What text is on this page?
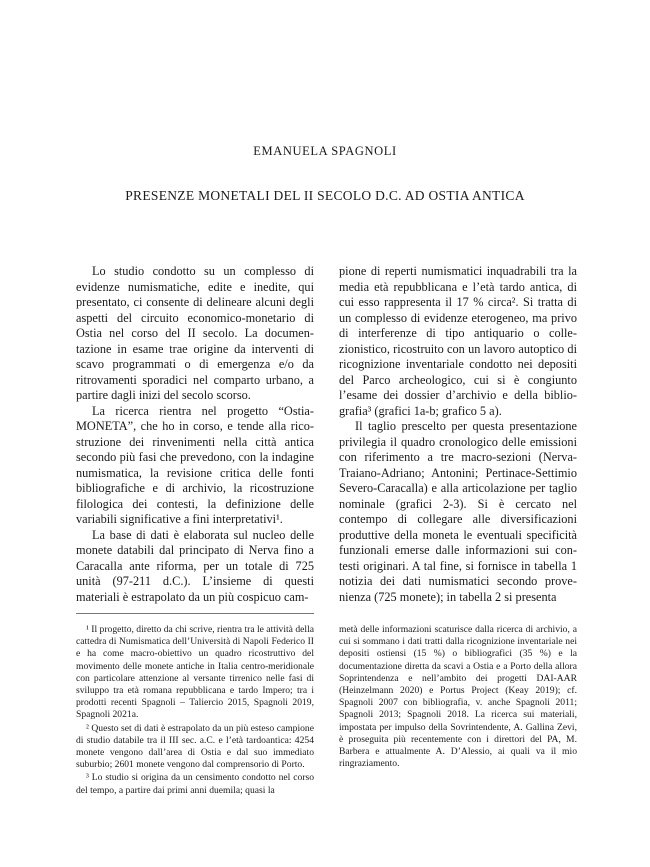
EMANUELA SPAGNOLI
PRESENZE MONETALI DEL II SECOLO D.C. AD OSTIA ANTICA

Lo studio condotto su un complesso di evidenze numismatiche, edite e inedite, qui presentato, ci consente di delineare alcuni degli aspetti del circuito economico-monetario di Ostia nel corso del II secolo. La documentazione in esame trae origine da interventi di scavo programmati o di emergenza e/o da ritrovamenti sporadici nel comparto urbano, a partire dagli inizi del secolo scorso.

La ricerca rientra nel progetto “Ostia-MONETA”, che ho in corso, e tende alla ricostruzione dei rinvenimenti nella città antica secondo più fasi che prevedono, con la indagine numismatica, la revisione critica delle fonti bibliografiche e di archivio, la ricostruzione filologica dei contesti, la definizione delle variabili significative a fini interpretativi¹.

La base di dati è elaborata sul nucleo delle monete databili dal principato di Nerva fino a Caracalla ante riforma, per un totale di 725 unità (97-211 d.C.). L’insieme di questi materiali è estrapolato da un più cospicuo cam-

pione di reperti numismatici inquadrabili tra la media età repubblicana e l’età tardo antica, di cui esso rappresenta il 17 % circa². Si tratta di un complesso di evidenze eterogeneo, ma privo di interferenze di tipo antiquario o collezionistico, ricostruito con un lavoro autoptico di ricognizione inventariale condotto nei depositi del Parco archeologico, cui si è congiunto l’esame dei dossier d’archivio e della bibliografia³ (grafici 1a-b; grafico 5 a).

Il taglio prescelto per questa presentazione privilegia il quadro cronologico delle emissioni con riferimento a tre macro-sezioni (Nerva-Traiano-Adriano; Antonini; Pertinace-Settimio Severo-Caracalla) e alla articolazione per taglio nominale (grafici 2-3). Si è cercato nel contempo di collegare alle diversificazioni produttive della moneta le eventuali specificità funzionali emerse dalle informazioni sui contesti originari. A tal fine, si fornisce in tabella 1 notizia dei dati numismatici secondo provenienza (725 monete); in tabella 2 si presenta

¹ Il progetto, diretto da chi scrive, rientra tra le attività della cattedra di Numismatica dell’Università di Napoli Federico II e ha come macro-obiettivo un quadro ricostruttivo del movimento delle monete antiche in Italia centro-meridionale con particolare attenzione al versante tirrenico nelle fasi di sviluppo tra età romana repubblicana e tardo Impero; tra i prodotti recenti Spagnoli – Taliercio 2015, Spagnoli 2019, Spagnoli 2021a.

² Questo set di dati è estrapolato da un più esteso campione di studio databile tra il III sec. a.C. e l’età tardoantica: 4254 monete vengono dall’area di Ostia e dal suo immediato suburbio; 2601 monete vengono dal comprensorio di Porto.

³ Lo studio si origina da un censimento condotto nel corso del tempo, a partire dai primi anni duemila; quasi la

metà delle informazioni scaturisce dalla ricerca di archivio, a cui si sommano i dati tratti dalla ricognizione inventariale nei depositi ostiensi (15 %) o bibliografici (35 %) e la documentazione diretta da scavi a Ostia e a Porto della allora Soprintendenza e nell’ambito dei progetti DAI-AAR (Heinzelmann 2020) e Portus Project (Keay 2019); cf. Spagnoli 2007 con bibliografia, v. anche Spagnoli 2011; Spagnoli 2013; Spagnoli 2018. La ricerca sui materiali, impostata per impulso della Sovrintendente, A. Gallina Zevi, è proseguita più recentemente con i direttori del PA, M. Barbera e attualmente A. D’Alessio, ai quali va il mio ringraziamento.
